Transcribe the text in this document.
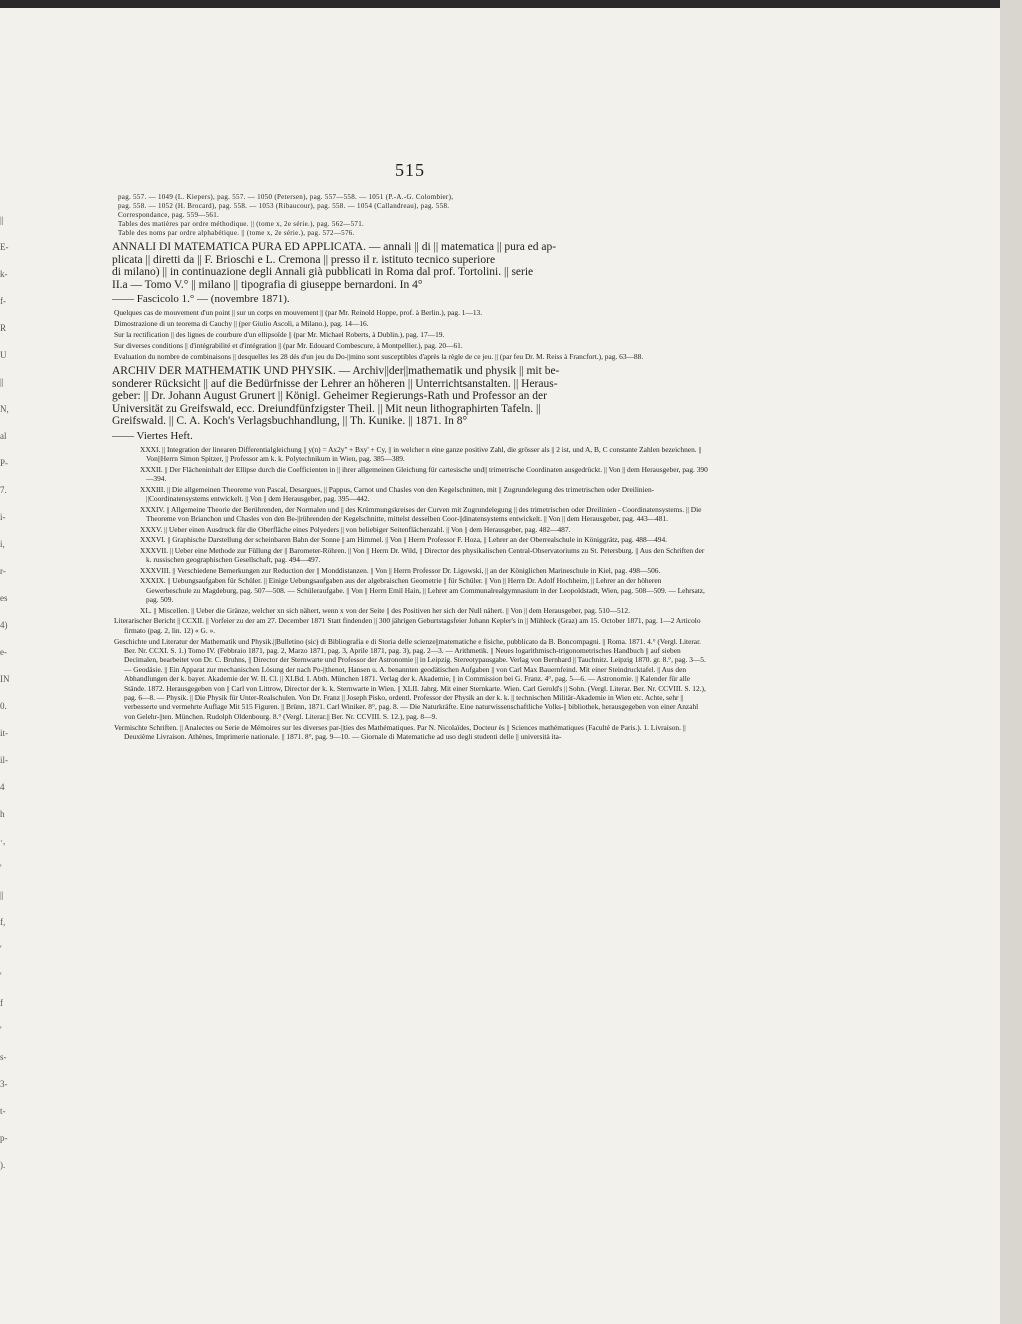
||
E-
k-
f-
R
U
||
N,
al
P-
7.
i-
i,
r-
es
4)
e-
IN
0.
it-
il-
4
h
·,
'
||
f,
'
'
f
'
s-
3-
t-
p-
).
515

pag. 557. — 1049 (L. Kiepers), pag. 557. — 1050 (Petersen), pag. 557—558. — 1051 (P.-A.-G. Colombier),

pag. 558. — 1052 (H. Brocard), pag. 558. — 1053 (Ribaucour), pag. 558. — 1054 (Callandreau), pag. 558.

Correspondance, pag. 559—561.

Tables des matières par ordre méthodique. || (tome x, 2e série.), pag. 562—571.

Table des noms par ordre alphabétique. || (tome x, 2e série.), pag. 572—576.

ANNALI DI MATEMATICA PURA ED APPLICATA. — annali || di || matematica || pura ed ap-

plicata || diretti da || F. Brioschi e L. Cremona || presso il r. istituto tecnico superiore

di milano) || in continuazione degli Annali già pubblicati in Roma dal prof. Tortolini. || serie

II.a — Tomo V.° || milano || tipografia di giuseppe bernardoni. In 4°

—— Fascicolo 1.° — (novembre 1871).

Quelques cas de mouvement d'un point || sur un corps en mouvement || (par Mr. Reinold Hoppe, prof. à Berlin.), pag. 1—13.

Dimostrazione di un teorema di Cauchy || (per Giulio Ascoli, a Milano.), pag. 14—16.

Sur la rectification || des lignes de courbure d'un ellipsoïde || (par Mr. Michael Roberts, à Dublin.), pag. 17—19.

Sur diverses conditions || d'intégrabilité et d'intégration || (par Mr. Edouard Combescure, à Montpellier.), pag. 20—61.

Evaluation du nombre de combinaisons || desquelles les 28 dés d'un jeu du Do-||mino sont susceptibles d'après la règle de ce jeu. || (par feu Dr. M. Reiss à Francfort.), pag. 63—88.

ARCHIV DER MATHEMATIK UND PHYSIK. — Archiv||der||mathematik und physik || mit be-

sonderer Rücksicht || auf die Bedürfnisse der Lehrer an höheren || Unterrichtsanstalten. || Heraus-

geber: || Dr. Johann August Grunert || Königl. Geheimer Regierungs-Rath und Professor an der

Universität zu Greifswald, ecc. Dreiundfünfzigster Theil. || Mit neun lithographirten Tafeln. ||

Greifswald. || C. A. Koch's Verlagsbuchhandlung, || Th. Kunike. || 1871. In 8°

—— Viertes Heft.

XXXI. || Integration der linearen Differentialgleichung || y(n) = Ax2y'' + Bxy' + Cy, || in welcher n eine ganze positive Zahl, die grösser als || 2 ist, und A, B, C constante Zahlen bezeichnen. || Von||Herrn Simon Spitzer, || Professor am k. k. Polytechnikum in Wien, pag. 385—389.

XXXII. || Der Flächeninhalt der Ellipse durch die Coefficienten in || ihrer allgemeinen Gleichung für cartesische und|| trimetrische Coordinaten ausgedrückt. || Von || dem Herausgeber, pag. 390—394.

XXXIII. || Die allgemeinen Theoreme von Pascal, Desargues, || Pappus, Carnot und Chasles von den Kegelschnitten, mit || Zugrundelegung des trimetrischen oder Dreilinien-||Coordinatensystems entwickelt. || Von || dem Herausgeber, pag. 395—442.

XXXIV. || Allgemeine Theorie der Berührenden, der Normalen und || des Krümmungskreises der Curven mit Zugrundelegung || des trimetrischen oder Dreilinien - Coordinatensystems. || Die Theoreme von Brianchon und Chasles von den Be-||rührenden der Kegelschnitte, mittelst desselben Coor-||dinatensystems entwickelt. || Von || dem Herausgeber, pag. 443—481.

XXXV. || Ueber einen Ausdruck für die Oberfläche eines Polyeders || von beliebiger Seitenflächenzahl. || Von || dem Herausgeber, pag. 482—487.

XXXVI. || Graphische Darstellung der scheinbaren Bahn der Sonne || am Himmel. || Von || Herrn Professor F. Hoza, || Lehrer an der Oberrealschule in Königgrätz, pag. 488—494.

XXXVII. || Ueber eine Methode zur Füllung der || Barometer-Röhren. || Von || Herrn Dr. Wild, || Director des physikalischen Central-Observatoriums zu St. Petersburg. || Aus den Schriften der k. russischen geographischen Gesellschaft, pag. 494—497.

XXXVIII. || Verschiedene Bemerkungen zur Reduction der || Monddistanzen. || Von || Herrn Professor Dr. Ligowski, || an der Königlichen Marineschule in Kiel, pag. 498—506.

XXXIX. || Uebungsaufgaben für Schüler. || Einige Uebungsaufgaben aus der algebraischen Geometrie || für Schüler. || Von || Herrn Dr. Adolf Hochheim, || Lehrer an der höheren Gewerbeschule zu Magdeburg, pag. 507—508. — Schüleraufgabe. || Von || Herrn Emil Hain, || Lehrer am Communalrealgymnasium in der Leopoldstadt, Wien, pag. 508—509. — Lehrsatz, pag. 509.

XL. || Miscellen. || Ueber die Gränze, welcher xn sich nähert, wenn x von der Seite || des Positiven her sich der Null nähert. || Von || dem Herausgeber, pag. 510—512.

Literarischer Bericht || CCXII. || Vorfeier zu der am 27. December 1871 Statt findenden || 300 jährigen Geburtstagsfeier Johann Kepler's in || Mühleck (Graz) am 15. October 1871, pag. 1—2 Articolo firmato (pag. 2, lin. 12) « G. ».

Geschichte und Literatur der Mathematik und Physik.||Bulletino (sic) di Bibliografia e di Storia delle scienze||matematiche e fisiche, pubblicato da B. Boncompagni. || Roma. 1871. 4.° (Vergl. Literar. Ber. Nr. CCXI. S. 1.) Tomo IV. (Febbraio 1871, pag. 2, Marzo 1871, pag. 3, Aprile 1871, pag. 3), pag. 2—3. — Arithmetik. || Neues logarithmisch-trigonometrisches Handbuch || auf sieben Decimalen, bearbeitet von Dr. C. Bruhns, || Director der Sternwarte und Professor der Astronomie || in Leipzig. Stereotypausgabe. Verlag von Bernhard || Tauchnitz. Leipzig 1870. gr. 8.°, pag. 3—5. — Geodäsie. || Ein Apparat zur mechanischen Lösung der nach Po-||thenot, Hansen u. A. benannten geodätischen Aufgaben || von Carl Max Bauernfeind. Mit einer Steindrucktafel. || Aus den Abhandlungen der k. bayer. Akademie der W. II. Cl. || XI.Bd. I. Abth. München 1871. Verlag der k. Akademie, || in Commission bei G. Franz. 4°, pag. 5—6. — Astronomie. || Kalender für alle Stände. 1872. Herausgegeben von || Carl von Littrow, Director der k. k. Sternwarte in Wien. || XLII. Jahrg. Mit einer Sternkarte. Wien. Carl Gerold's || Sohn. (Vergl. Literar. Ber. Nr. CCVIII. S. 12.), pag. 6—8. — Physik. || Die Physik für Unter-Realschulen. Von Dr. Franz || Joseph Pisko, ordentl. Professor der Physik an der k. k. || technischen Militär-Akademie in Wien etc. Achte, sehr || verbesserte und vermehrte Auflage Mit 515 Figuren. || Brünn, 1871. Carl Winiker. 8°, pag. 8. — Die Naturkräfte. Eine naturwissenschaftliche Volks-|| bibliothek, herausgegeben von einer Anzahl von Gelehr-||ten. München. Rudolph Oldenbourg. 8.° (Vergl. Literar.|| Ber. Nr. CCVIII. S. 12.), pag. 8—9.

Vermischte Schriften. || Analectes ou Serie de Mémoires sur les diverses par-||ties des Mathématiques. Par N. Nicolaïdes, Docteur ès || Sciences mathématiques (Faculté de Paris.). 1. Livraison. || Deuxième Livraison. Athènes, Imprimerie nationale. || 1871. 8°, pag. 9—10. — Giornale di Matematiche ad uso degli studenti delle || università ita-
